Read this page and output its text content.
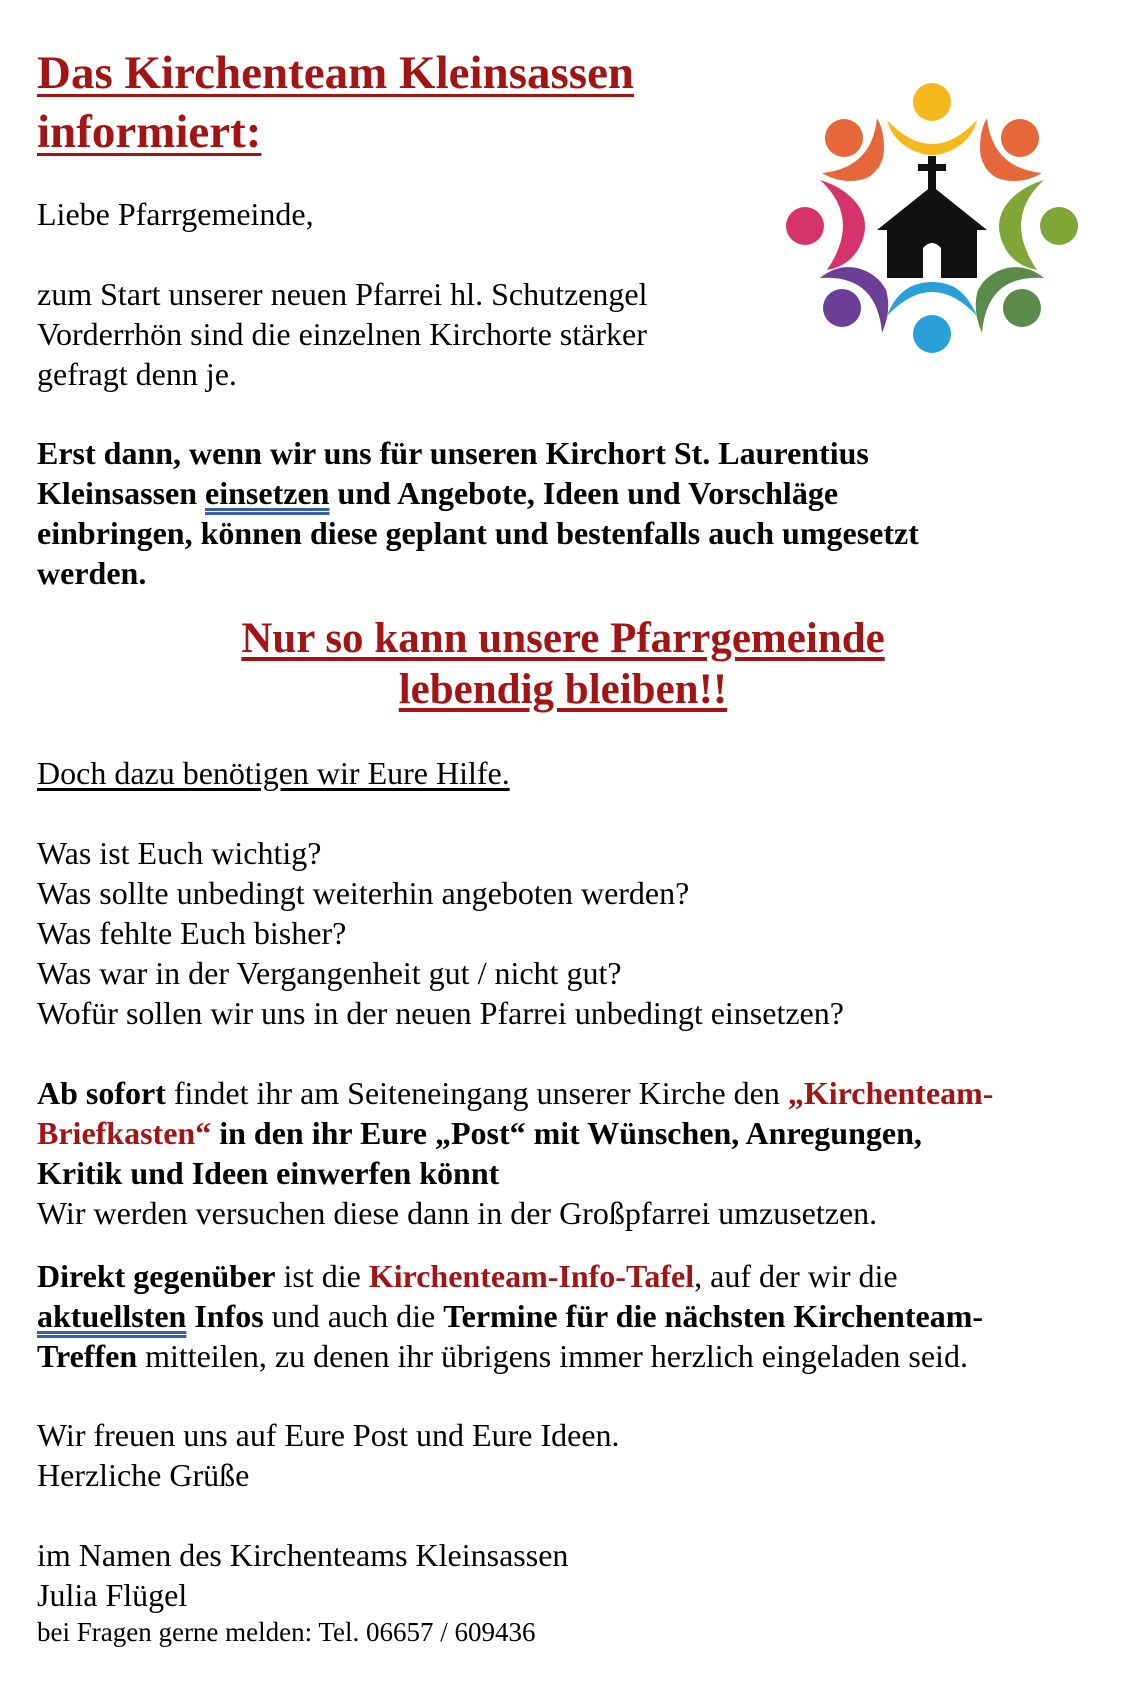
Das Kirchenteam Kleinsassen
informiert:
Liebe Pfarrgemeinde,
zum Start unserer neuen Pfarrei hl. Schutzengel
Vorderrhön sind die einzelnen Kirchorte stärker
gefragt denn je.
Erst dann, wenn wir uns für unseren Kirchort St. Laurentius
Kleinsassen einsetzen und Angebote, Ideen und Vorschläge
einbringen, können diese geplant und bestenfalls auch umgesetzt
werden.
Nur so kann unsere Pfarrgemeinde
lebendig bleiben!!
Doch dazu benötigen wir Eure Hilfe.
Was ist Euch wichtig?
Was sollte unbedingt weiterhin angeboten werden?
Was fehlte Euch bisher?
Was war in der Vergangenheit gut / nicht gut?
Wofür sollen wir uns in der neuen Pfarrei unbedingt einsetzen?
Ab sofort findet ihr am Seiteneingang unserer Kirche den „Kirchenteam-
Briefkasten“ in den ihr Eure „Post“ mit Wünschen, Anregungen,
Kritik und Ideen einwerfen könnt
Wir werden versuchen diese dann in der Großpfarrei umzusetzen.
Direkt gegenüber ist die Kirchenteam-Info-Tafel, auf der wir die
aktuellsten Infos und auch die Termine für die nächsten Kirchenteam-
Treffen mitteilen, zu denen ihr übrigens immer herzlich eingeladen seid.
Wir freuen uns auf Eure Post und Eure Ideen.
Herzliche Grüße
im Namen des Kirchenteams Kleinsassen
Julia Flügel
bei Fragen gerne melden: Tel. 06657 / 609436
